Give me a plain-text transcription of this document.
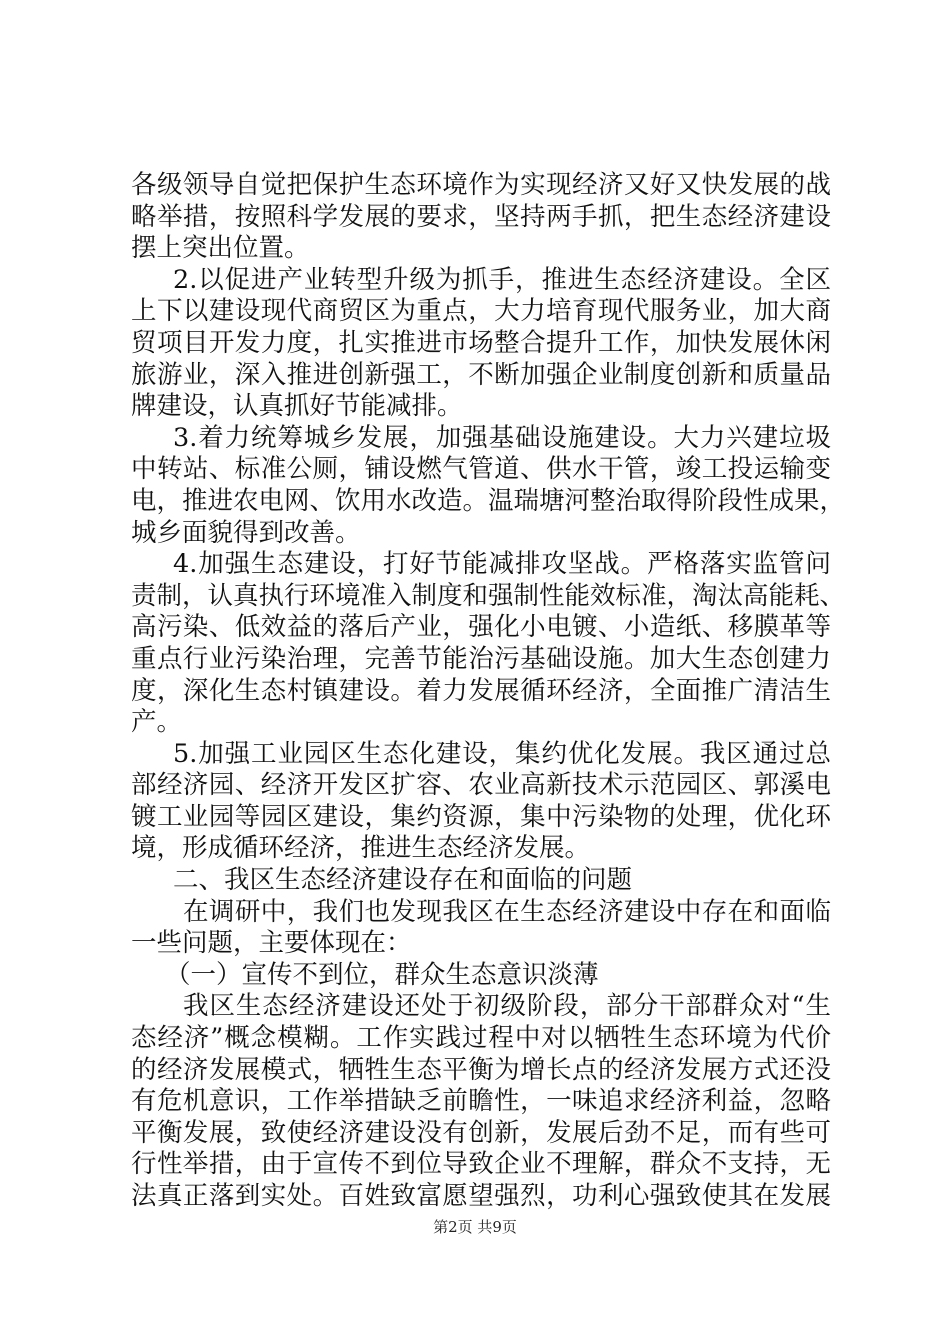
各级领导自觉把保护生态环境作为实现经济又好又快发展的战
略举措，按照科学发展的要求，坚持两手抓，把生态经济建设
摆上突出位置。
2.以促进产业转型升级为抓手，推进生态经济建设。全区
上下以建设现代商贸区为重点，大力培育现代服务业，加大商
贸项目开发力度，扎实推进市场整合提升工作，加快发展休闲
旅游业，深入推进创新强工，不断加强企业制度创新和质量品
牌建设，认真抓好节能减排。
3.着力统筹城乡发展，加强基础设施建设。大力兴建垃圾
中转站、标准公厕，铺设燃气管道、供水干管，竣工投运输变
电，推进农电网、饮用水改造。温瑞塘河整治取得阶段性成果，
城乡面貌得到改善。
4.加强生态建设，打好节能减排攻坚战。严格落实监管问
责制，认真执行环境准入制度和强制性能效标准，淘汰高能耗、
高污染、低效益的落后产业，强化小电镀、小造纸、移膜革等
重点行业污染治理，完善节能治污基础设施。加大生态创建力
度，深化生态村镇建设。着力发展循环经济，全面推广清洁生
产。
5.加强工业园区生态化建设，集约优化发展。我区通过总
部经济园、经济开发区扩容、农业高新技术示范园区、郭溪电
镀工业园等园区建设，集约资源，集中污染物的处理，优化环
境，形成循环经济，推进生态经济发展。
二、我区生态经济建设存在和面临的问题
在调研中，我们也发现我区在生态经济建设中存在和面临
一些问题，主要体现在：
（一）宣传不到位，群众生态意识淡薄
我区生态经济建设还处于初级阶段，部分干部群众对“生
态经济”概念模糊。工作实践过程中对以牺牲生态环境为代价
的经济发展模式，牺牲生态平衡为增长点的经济发展方式还没
有危机意识，工作举措缺乏前瞻性，一味追求经济利益，忽略
平衡发展，致使经济建设没有创新，发展后劲不足，而有些可
行性举措，由于宣传不到位导致企业不理解，群众不支持，无
法真正落到实处。百姓致富愿望强烈，功利心强致使其在发展
第2页 共9页
